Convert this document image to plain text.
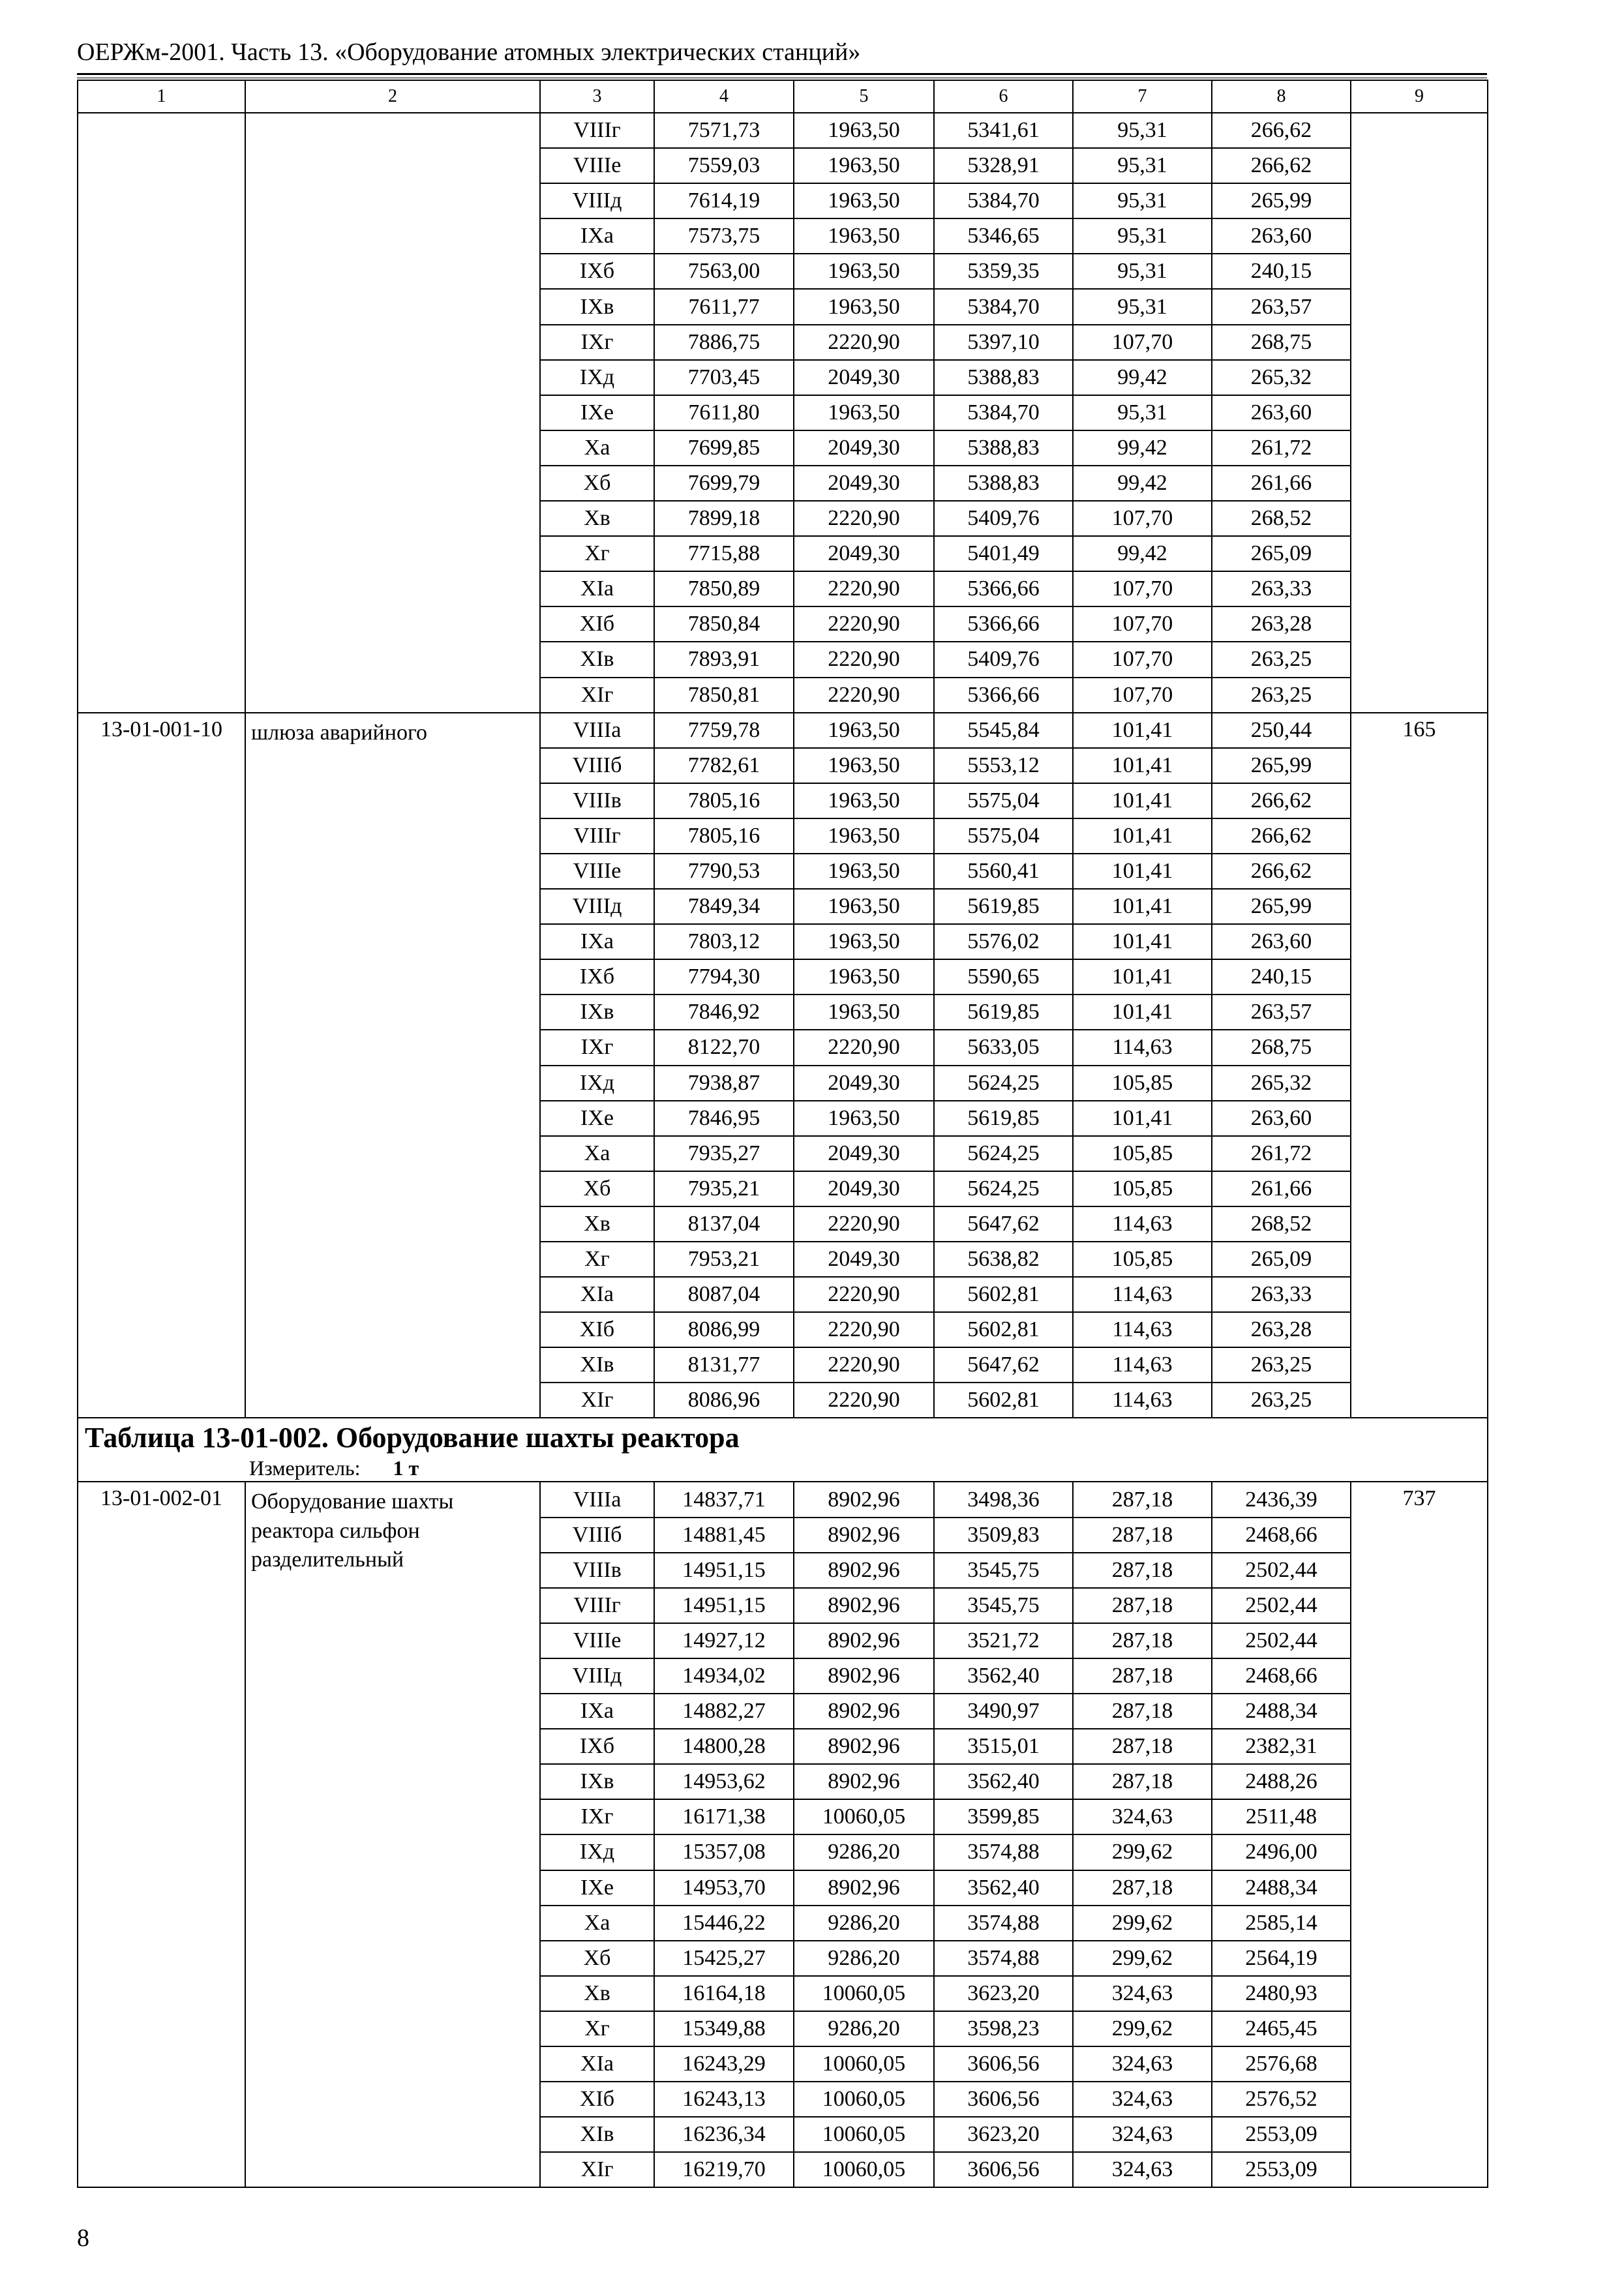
ОЕРЖм-2001. Часть 13. «Оборудование атомных электрических станций»
1	2	3	4	5	6	7	8	9
		VIIIг	7571,73	1963,50	5341,61	95,31	266,62	
		VIIIе	7559,03	1963,50	5328,91	95,31	266,62	
		VIIIд	7614,19	1963,50	5384,70	95,31	265,99	
		IXа	7573,75	1963,50	5346,65	95,31	263,60	
		IXб	7563,00	1963,50	5359,35	95,31	240,15	
		IXв	7611,77	1963,50	5384,70	95,31	263,57	
		IXг	7886,75	2220,90	5397,10	107,70	268,75	
		IXд	7703,45	2049,30	5388,83	99,42	265,32	
		IXе	7611,80	1963,50	5384,70	95,31	263,60	
		Xа	7699,85	2049,30	5388,83	99,42	261,72	
		Xб	7699,79	2049,30	5388,83	99,42	261,66	
		Xв	7899,18	2220,90	5409,76	107,70	268,52	
		Xг	7715,88	2049,30	5401,49	99,42	265,09	
		XIа	7850,89	2220,90	5366,66	107,70	263,33	
		XIб	7850,84	2220,90	5366,66	107,70	263,28	
		XIв	7893,91	2220,90	5409,76	107,70	263,25	
		XIг	7850,81	2220,90	5366,66	107,70	263,25	
13-01-001-10	шлюза аварийного	VIIIа	7759,78	1963,50	5545,84	101,41	250,44	165
		VIIIб	7782,61	1963,50	5553,12	101,41	265,99	
		VIIIв	7805,16	1963,50	5575,04	101,41	266,62	
		VIIIг	7805,16	1963,50	5575,04	101,41	266,62	
		VIIIе	7790,53	1963,50	5560,41	101,41	266,62	
		VIIIд	7849,34	1963,50	5619,85	101,41	265,99	
		IXа	7803,12	1963,50	5576,02	101,41	263,60	
		IXб	7794,30	1963,50	5590,65	101,41	240,15	
		IXв	7846,92	1963,50	5619,85	101,41	263,57	
		IXг	8122,70	2220,90	5633,05	114,63	268,75	
		IXд	7938,87	2049,30	5624,25	105,85	265,32	
		IXе	7846,95	1963,50	5619,85	101,41	263,60	
		Xа	7935,27	2049,30	5624,25	105,85	261,72	
		Xб	7935,21	2049,30	5624,25	105,85	261,66	
		Xв	8137,04	2220,90	5647,62	114,63	268,52	
		Xг	7953,21	2049,30	5638,82	105,85	265,09	
		XIа	8087,04	2220,90	5602,81	114,63	263,33	
		XIб	8086,99	2220,90	5602,81	114,63	263,28	
		XIв	8131,77	2220,90	5647,62	114,63	263,25	
		XIг	8086,96	2220,90	5602,81	114,63	263,25	

Таблица 13-01-002. Оборудование шахты реактора
Измеритель: 1 т								

13-01-002-01	Оборудование шахты реактора сильфон разделительный	VIIIа	14837,71	8902,96	3498,36	287,18	2436,39	737
		VIIIб	14881,45	8902,96	3509,83	287,18	2468,66	
		VIIIв	14951,15	8902,96	3545,75	287,18	2502,44	
		VIIIг	14951,15	8902,96	3545,75	287,18	2502,44	
		VIIIе	14927,12	8902,96	3521,72	287,18	2502,44	
		VIIIд	14934,02	8902,96	3562,40	287,18	2468,66	
		IXа	14882,27	8902,96	3490,97	287,18	2488,34	
		IXб	14800,28	8902,96	3515,01	287,18	2382,31	
		IXв	14953,62	8902,96	3562,40	287,18	2488,26	
		IXг	16171,38	10060,05	3599,85	324,63	2511,48	
		IXд	15357,08	9286,20	3574,88	299,62	2496,00	
		IXе	14953,70	8902,96	3562,40	287,18	2488,34	
		Xа	15446,22	9286,20	3574,88	299,62	2585,14	
		Xб	15425,27	9286,20	3574,88	299,62	2564,19	
		Xв	16164,18	10060,05	3623,20	324,63	2480,93	
		Xг	15349,88	9286,20	3598,23	299,62	2465,45	
		XIа	16243,29	10060,05	3606,56	324,63	2576,68	
		XIб	16243,13	10060,05	3606,56	324,63	2576,52	
		XIв	16236,34	10060,05	3623,20	324,63	2553,09	
		XIг	16219,70	10060,05	3606,56	324,63	2553,09	
8
